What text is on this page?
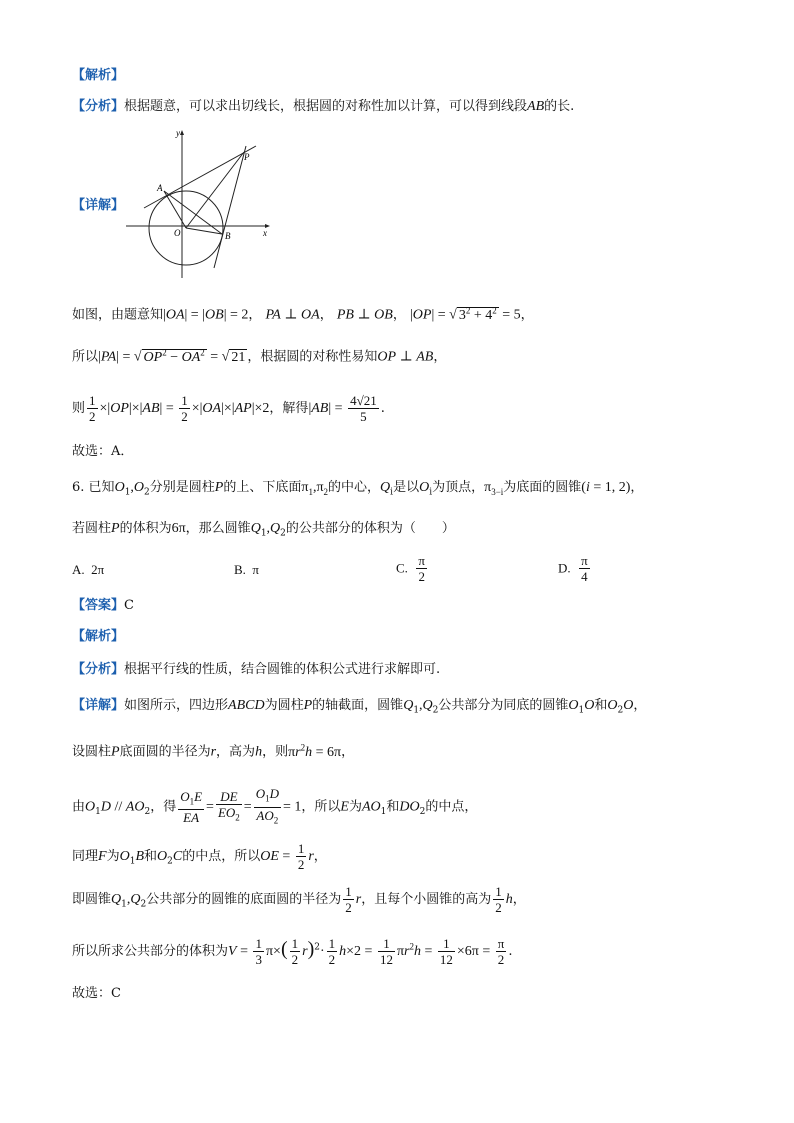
【解析】
【分析】根据题意，可以求出切线长，根据圆的对称性加以计算，可以得到线段AB的长.
【详解】
y
x
A
P
O	B
如图，由题意知|OA| = |OB| = 2， PA ⊥ OA， PB ⊥ OB， |OP| = √ $3^2 + 4^2 = 5$，
所以|PA| = √ $OP^2 - OA^2$ = √ 21 ，根据圆的对称性易知OP ⊥ AB，
则 $\frac{1}{2} \times|OP|\times|AB| = \frac{1}{2} \times|OA|\times|AP|\times 2$，解得$|AB| = \frac{4√21}{5}$ .
故选：A．
6. 已知$O_1,O_2$分别是圆柱P的上、下底面$\pi_1,\pi_2$的中心，$Q_i$是以$O_i$为顶点，$\pi_{3-i}$为底面的圆锥(i = 1, 2)，
若圆柱P的体积为6π，那么圆锥$Q_1,Q_2$的公共部分的体积为（　　）
A. 2π	B. π	C. $\frac{\pi}{2}$	D. $\frac{\pi}{4}$
【答案】C
【解析】
【分析】根据平行线的性质，结合圆锥的体积公式进行求解即可.
【详解】如图所示，四边形ABCD为圆柱P的轴截面，圆锥$Q_1,Q_2$公共部分为同底的圆锥$O_1O$和$O_2O$，
设圆柱P底面圆的半径为r，高为h，则$\pi r^2h = 6\pi$，
由$O_1D // AO_2$，得 $\frac{O_1E}{EA} = \frac{DE}{EO_2} = \frac{O_1D}{AO_2} = 1$，所以E为$AO_1$和$DO_2$的中点，
同理F为$O_1B$和$O_2C$的中点，所以OE = $\frac{1}{2}$ r，
即圆锥$Q_1,Q_2$公共部分的圆锥的底面圆的半径为 $\frac{1}{2}$ r，且每个小圆锥的高为 $\frac{1}{2}$ h，
所以所求公共部分的体积为$V = \frac{1}{3} \pi\times( \frac{1}{2} r)^2\cdot \frac{1}{2} h\times 2 = \frac{1}{12} \pi r^2h = \frac{1}{12} \times 6\pi = \frac{\pi}{2}$ .
故选：C
